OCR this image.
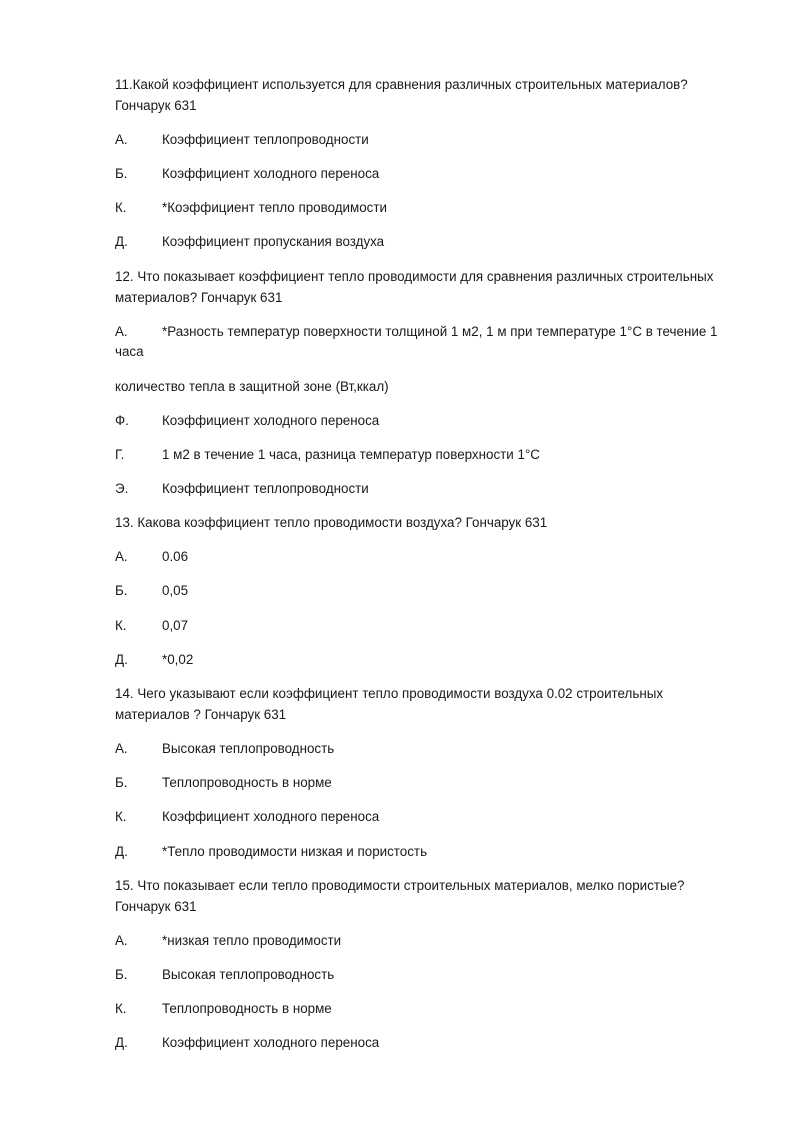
11.Какой коэффициент используется для сравнения различных строительных материалов?
Гончарук 631
А.	Коэффициент теплопроводности
Б.	Коэффициент холодного переноса
К.	*Коэффициент тепло проводимости
Д.	Коэффициент пропускания воздуха
12. Что показывает коэффициент тепло проводимости для сравнения различных строительных
материалов? Гончарук 631
А.	*Разность температур поверхности толщиной 1 м2, 1 м при температуре 1°C в течение 1
часа
количество тепла в защитной зоне (Вт,ккал)
Ф. Коэффициент холодного переноса
Г.	1 м2 в течение 1 часа, разница температур поверхности 1°C
Э.	Коэффициент теплопроводности
13. Какова коэффициент тепло проводимости воздуха? Гончарук 631
А.	0.06
Б.	0,05
К.	0,07
Д.	*0,02
14. Чего указывают если коэффициент тепло проводимости воздуха 0.02 строительных
материалов ? Гончарук 631
А.	Высокая теплопроводность
Б.	Теплопроводность в норме
К.	Коэффициент холодного переноса
Д.	*Тепло проводимости низкая и пористость
15. Что показывает если тепло проводимости строительных материалов, мелко пористые?
Гончарук 631
А.	*низкая тепло проводимости
Б.	Высокая теплопроводность
К.	Теплопроводность в норме
Д.	Коэффициент холодного переноса
